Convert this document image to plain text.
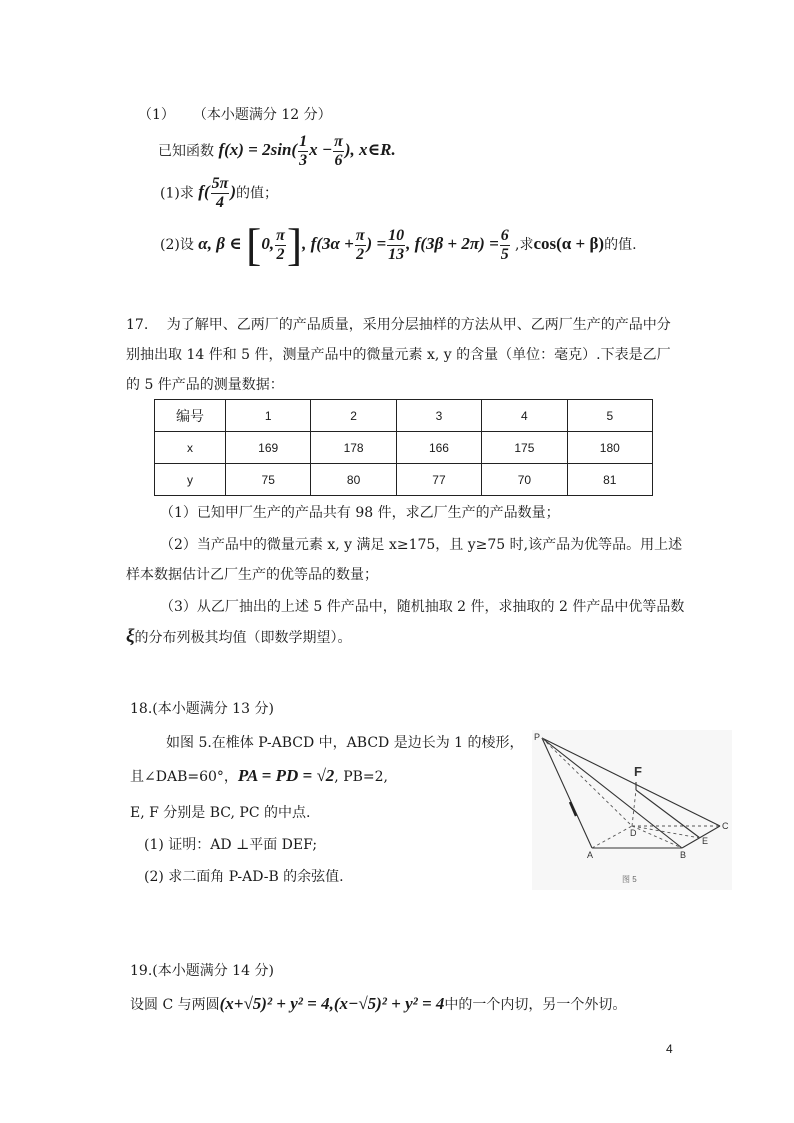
（1） （本小题满分 12 分）
已知函数 $f(x) = 2\sin( \frac{1}{3}$ $x - \frac{\pi}{6}$ ), x∈R.
(1)求 $f( \frac{5\pi}{4}$ )的值；
(2)设 α, β ∈ [0, $\frac{\pi}{2}$ ], $f(3\alpha + \frac{\pi}{2}$ ) = $\frac{10}{13}$ , $f(3\beta + 2\pi) = \frac{6}{5}$ ,求cos(α + β)的值.
17.　 为了解甲、乙两厂的产品质量，采用分层抽样的方法从甲、乙两厂生产的产品中分
别抽出取 14 件和 5 件，测量产品中的微量元素 x, y 的含量（单位：毫克）.下表是乙厂
的 5 件产品的测量数据：
编号	1	2	3	4	5
x	169	178	166	175	180
y	75	80	77	70	81
（1）已知甲厂生产的产品共有 98 件，求乙厂生产的产品数量；
（2）当产品中的微量元素 x, y 满足 x≥175，且 y≥75 时,该产品为优等品。用上述
样本数据估计乙厂生产的优等品的数量；
（3）从乙厂抽出的上述 5 件产品中，随机抽取 2 件，求抽取的 2 件产品中优等品数
ξ的分布列极其均值（即数学期望）。
18.(本小题满分 13 分)
如图 5.在椎体 P-ABCD 中，ABCD 是边长为 1 的棱形，
且∠DAB=60°，PA = PD = √2, PB=2,
E, F 分别是 BC, PC 的中点.
(1) 证明：AD ⊥平面 DEF;
(2) 求二面角 P-AD-B 的余弦值.
P
F
D
C
E
A	B
图 5
19.(本小题满分 14 分)
设圆 C 与两圆(x+√5)² + y² = 4,(x−√5)² + y² = 4中的一个内切，另一个外切。
4
